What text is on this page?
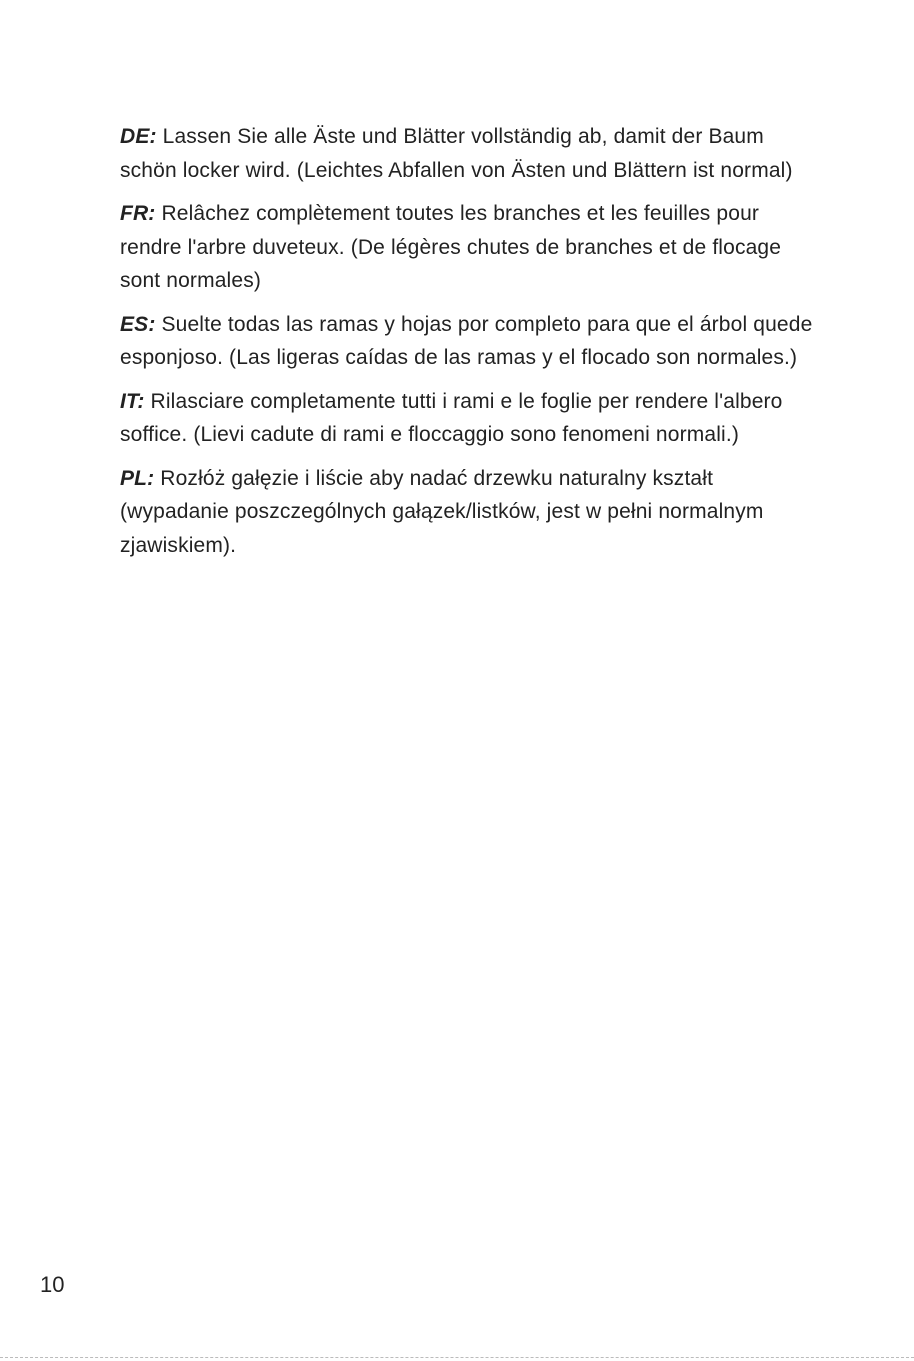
DE: Lassen Sie alle Äste und Blätter vollständig ab, damit der Baum schön locker wird. (Leichtes Abfallen von Ästen und Blättern ist normal)

FR: Relâchez complètement toutes les branches et les feuilles pour rendre l'arbre duveteux. (De légères chutes de branches et de flocage sont normales)

ES: Suelte todas las ramas y hojas por completo para que el árbol quede esponjoso. (Las ligeras caídas de las ramas y el flocado son normales.)

IT: Rilasciare completamente tutti i rami e le foglie per rendere l'albero soffice. (Lievi cadute di rami e floccaggio sono fenomeni normali.)

PL: Rozłóż gałęzie i liście aby nadać drzewku naturalny kształt (wypadanie poszczególnych gałązek/listków, jest w pełni normalnym zjawiskiem).

10
